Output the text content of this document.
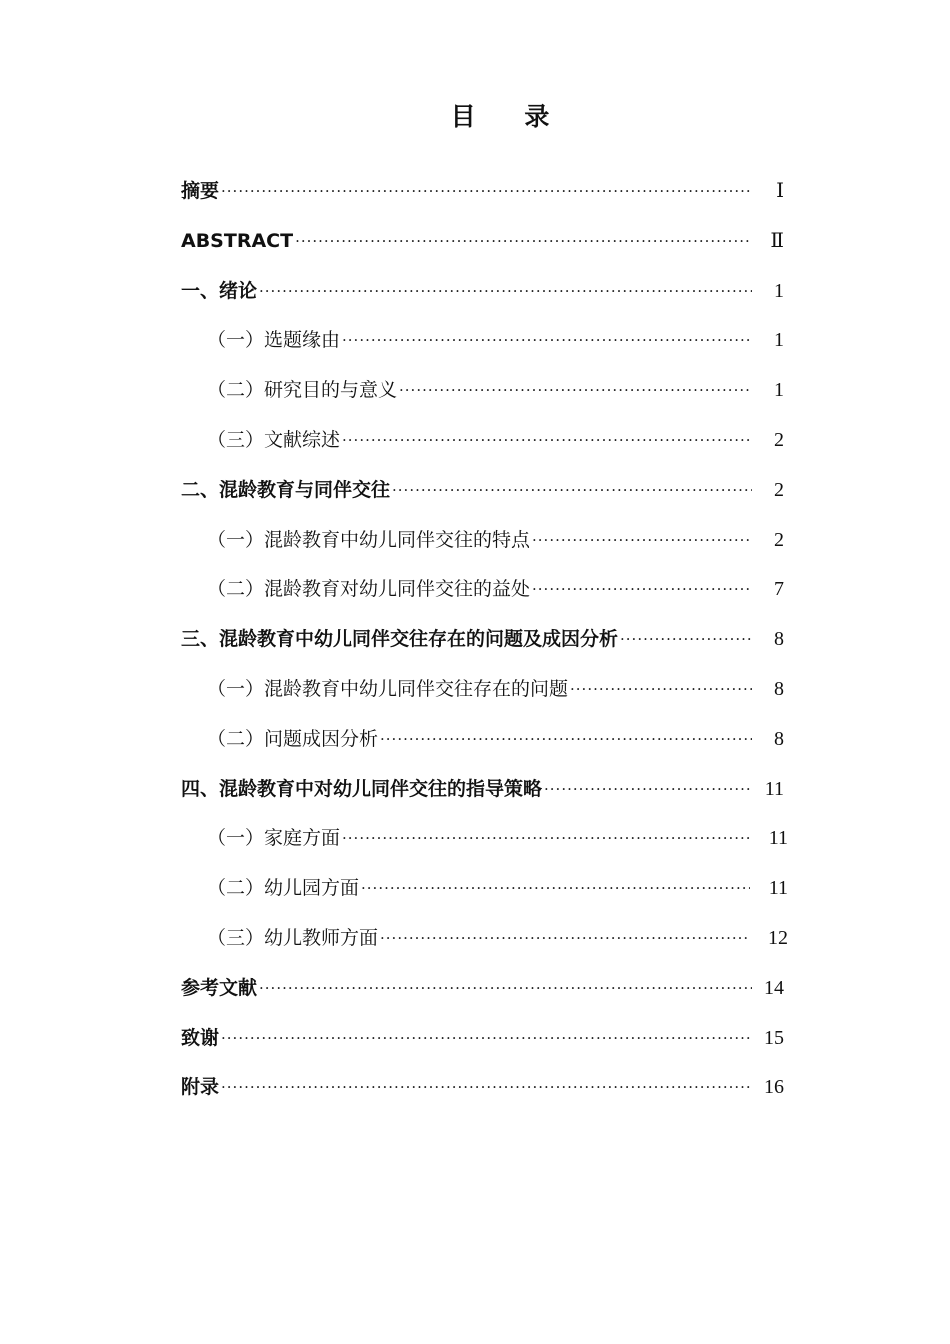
目 录
摘要 ·····	Ⅰ
ABSTRACT ·····	Ⅱ
一、绪论 ·····	1
（一）选题缘由 ·····	1
（二）研究目的与意义 ·····	1
（三）文献综述 ·····	2
二、混龄教育与同伴交往 ·····	2
（一）混龄教育中幼儿同伴交往的特点 ·····	2
（二）混龄教育对幼儿同伴交往的益处 ·····	7
三、混龄教育中幼儿同伴交往存在的问题及成因分析 ·····	8
（一）混龄教育中幼儿同伴交往存在的问题 ·····	8
（二）问题成因分析 ·····	8
四、混龄教育中对幼儿同伴交往的指导策略 ·····	11
（一）家庭方面 ·····	11
（二）幼儿园方面 ·····	11
（三）幼儿教师方面 ·····	12
参考文献 ·····	14
致谢 ·····	15
附录 ·····	16
